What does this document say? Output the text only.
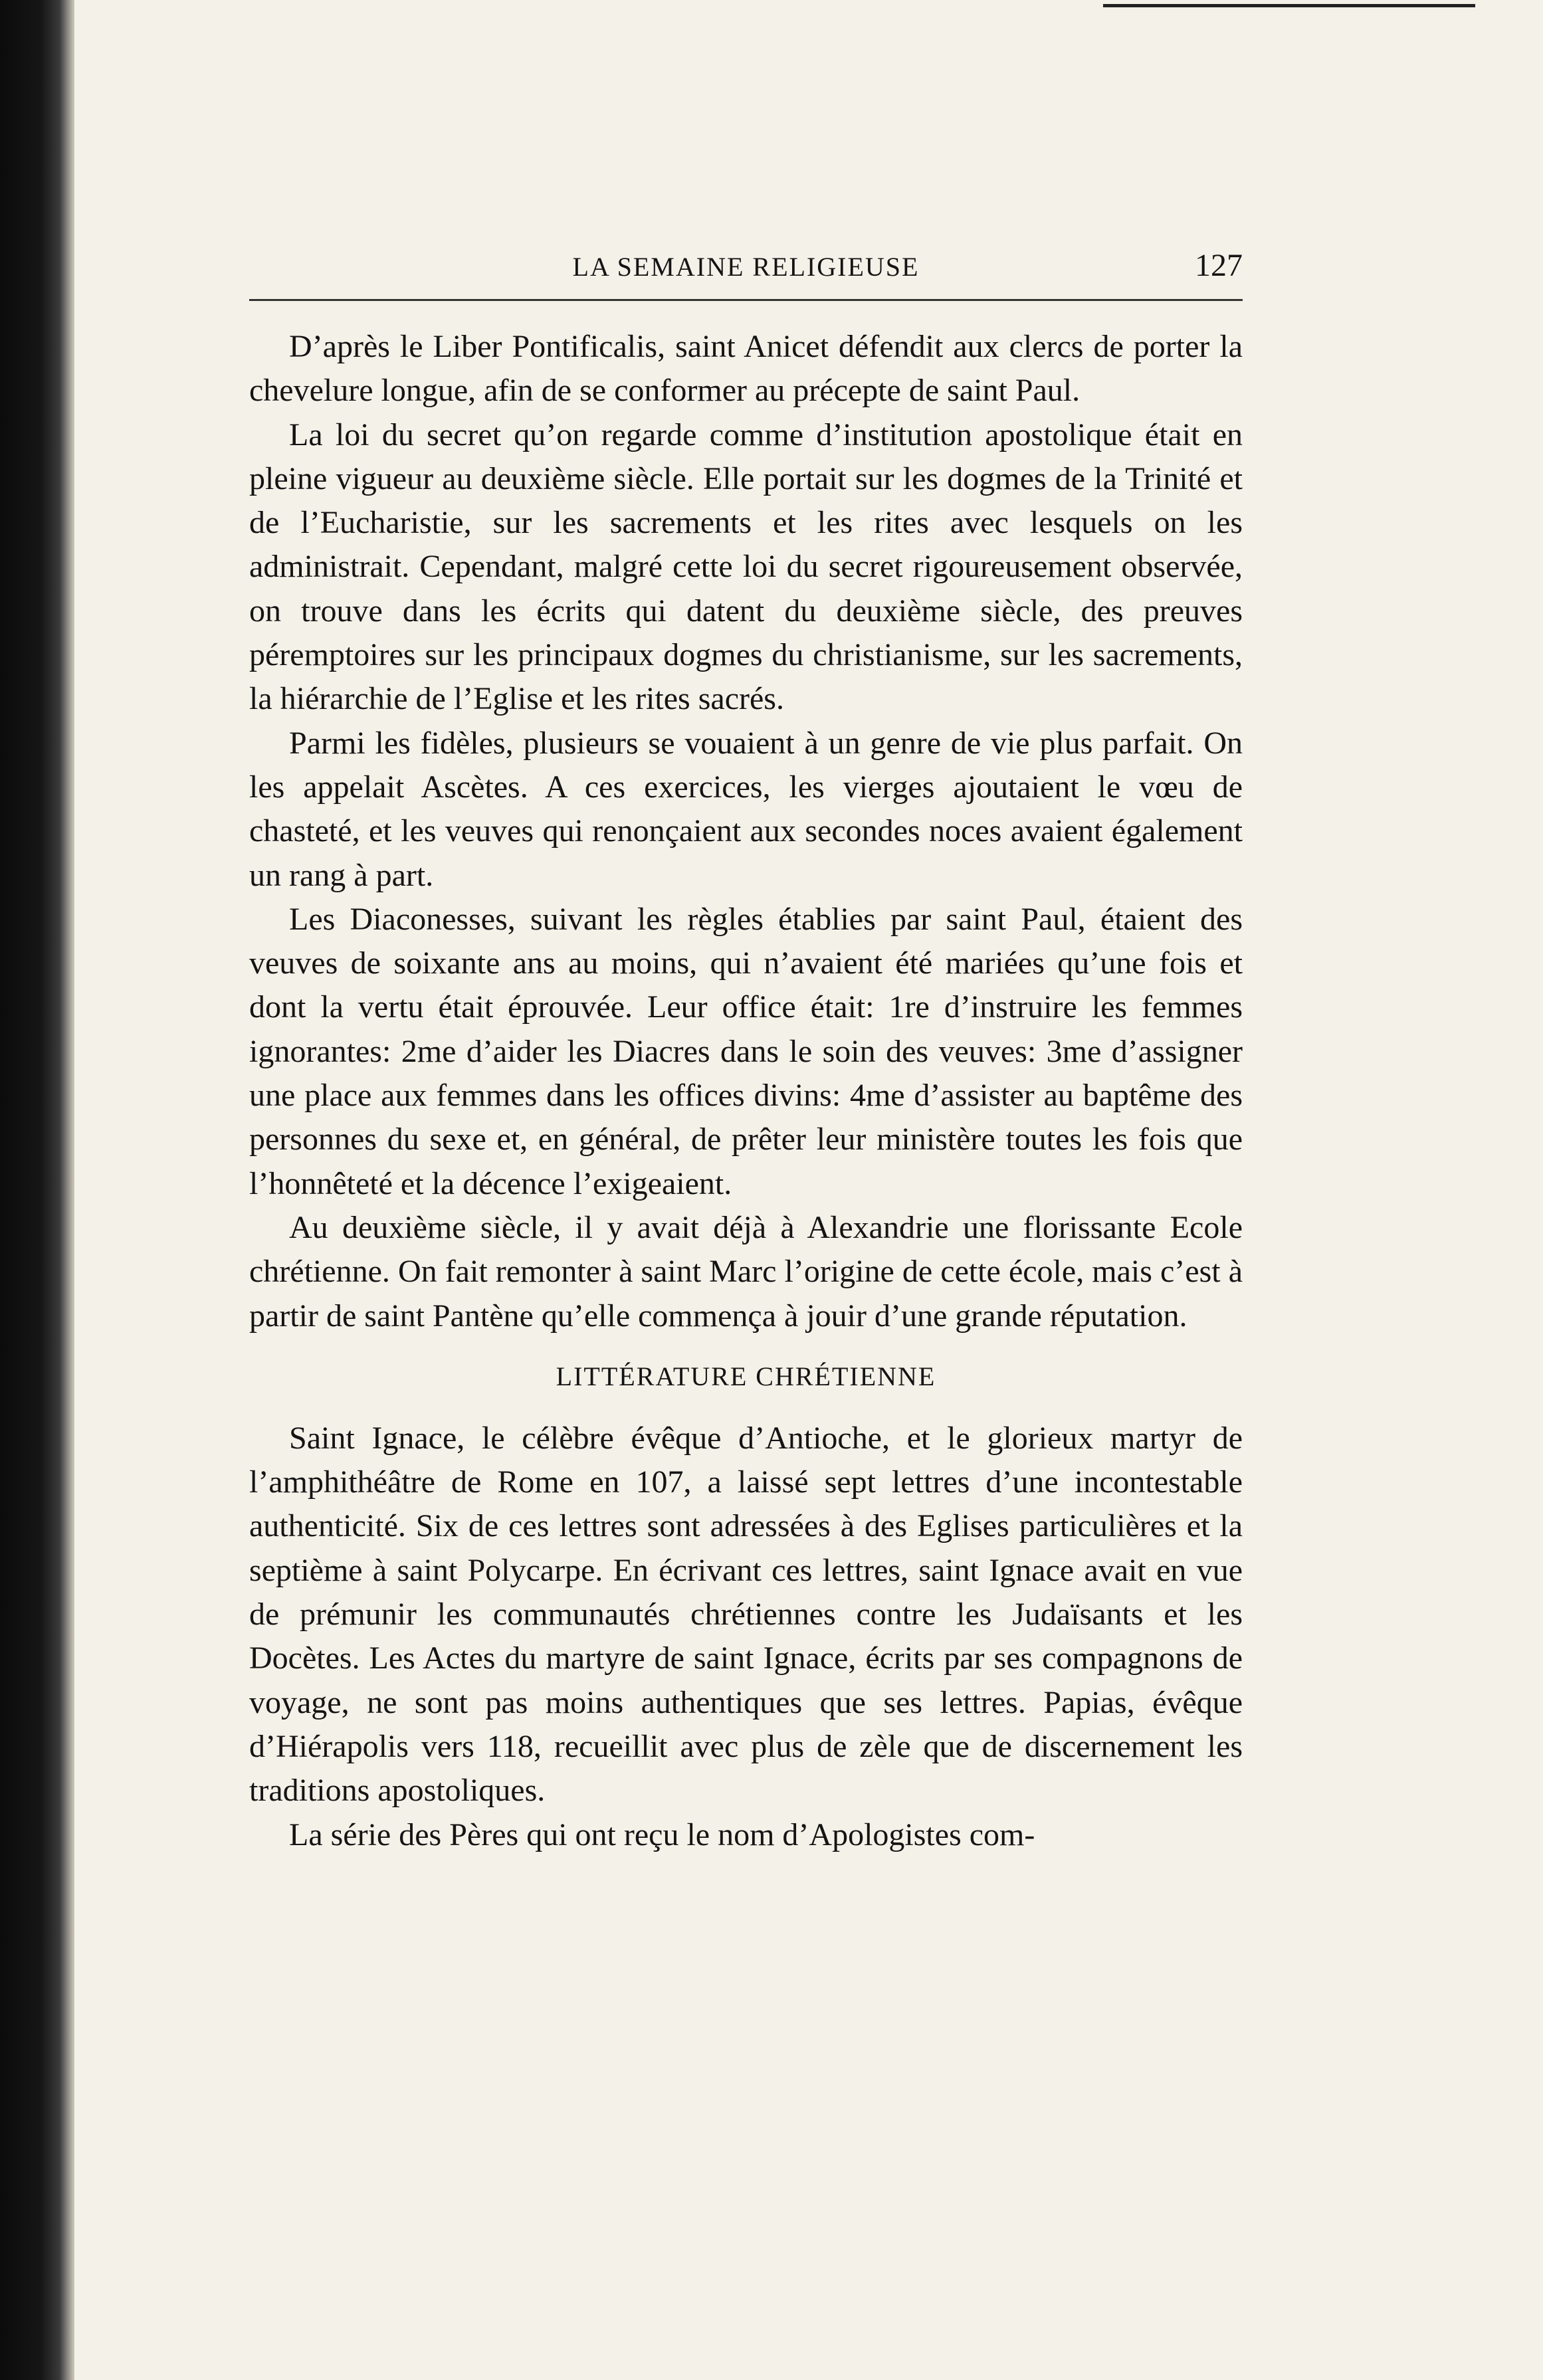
LA SEMAINE RELIGIEUSE	127

D’après le Liber Pontificalis, saint Anicet défendit aux clercs de porter la chevelure longue, afin de se conformer au précepte de saint Paul.

La loi du secret qu’on regarde comme d’institution apostolique était en pleine vigueur au deuxième siècle. Elle portait sur les dogmes de la Trinité et de l’Eucharistie, sur les sacrements et les rites avec lesquels on les administrait. Cependant, malgré cette loi du secret rigoureusement observée, on trouve dans les écrits qui datent du deuxième siècle, des preuves péremptoires sur les principaux dogmes du christianisme, sur les sacrements, la hiérarchie de l’Eglise et les rites sacrés.

Parmi les fidèles, plusieurs se vouaient à un genre de vie plus parfait. On les appelait Ascètes. A ces exercices, les vierges ajoutaient le vœu de chasteté, et les veuves qui renonçaient aux secondes noces avaient également un rang à part.

Les Diaconesses, suivant les règles établies par saint Paul, étaient des veuves de soixante ans au moins, qui n’avaient été mariées qu’une fois et dont la vertu était éprouvée. Leur office était: 1re d’instruire les femmes ignorantes: 2me d’aider les Diacres dans le soin des veuves: 3me d’assigner une place aux femmes dans les offices divins: 4me d’assister au baptême des personnes du sexe et, en général, de prêter leur ministère toutes les fois que l’honnêteté et la décence l’exigeaient.

Au deuxième siècle, il y avait déjà à Alexandrie une florissante Ecole chrétienne. On fait remonter à saint Marc l’origine de cette école, mais c’est à partir de saint Pantène qu’elle commença à jouir d’une grande réputation.

LITTÉRATURE CHRÉTIENNE

Saint Ignace, le célèbre évêque d’Antioche, et le glorieux martyr de l’amphithéâtre de Rome en 107, a laissé sept lettres d’une incontestable authenticité. Six de ces lettres sont adressées à des Eglises particulières et la septième à saint Polycarpe. En écrivant ces lettres, saint Ignace avait en vue de prémunir les communautés chrétiennes contre les Judaïsants et les Docètes. Les Actes du martyre de saint Ignace, écrits par ses compagnons de voyage, ne sont pas moins authentiques que ses lettres. Papias, évêque d’Hiérapolis vers 118, recueillit avec plus de zèle que de discernement les traditions apostoliques.

La série des Pères qui ont reçu le nom d’Apologistes com-
